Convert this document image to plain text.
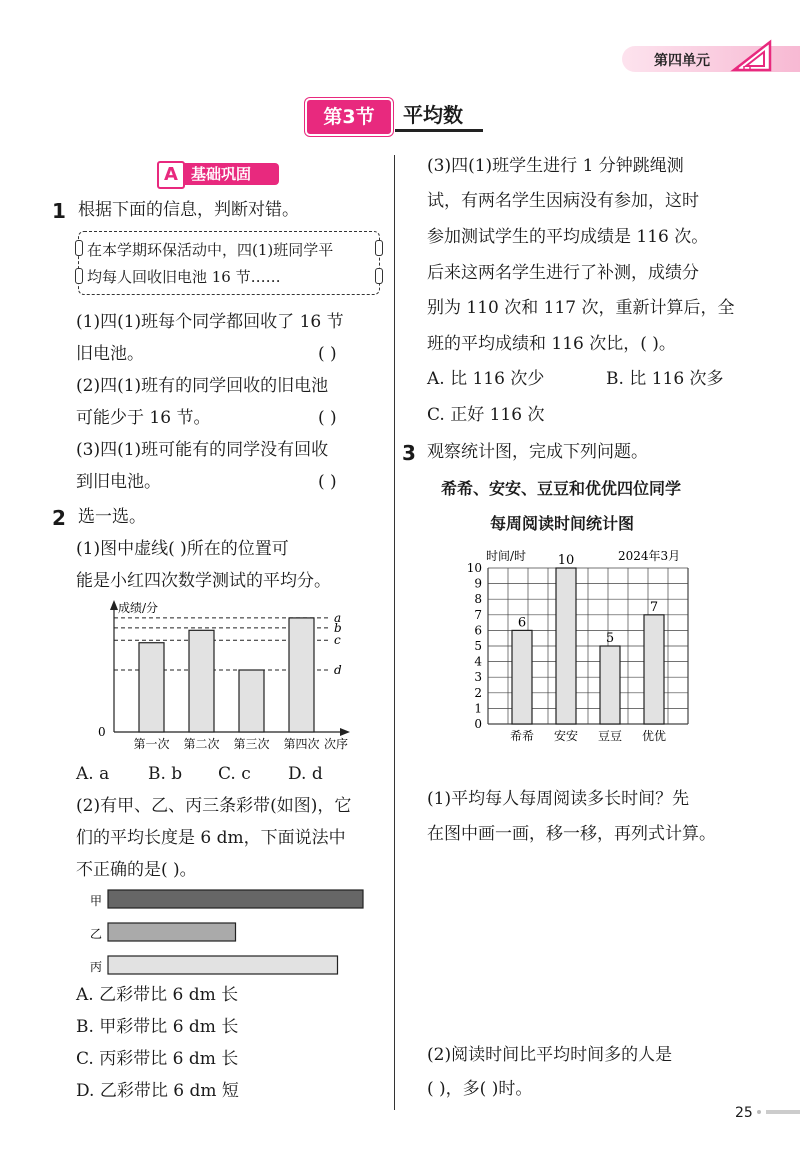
第四单元
第3节	平均数
A 基础巩固
1 根据下面的信息，判断对错。
在本学期环保活动中，四(1)班同学平
均每人回收旧电池 16 节……
(1)四(1)班每个同学都回收了 16 节
旧电池。	( )
(2)四(1)班有的同学回收的旧电池
可能少于 16 节。	( )
(3)四(1)班可能有的同学没有回收
到旧电池。	( )
2 选一选。
(1)图中虚线( )所在的位置可
能是小红四次数学测试的平均分。
成绩/分
0
次序
a
b
c
d
第一次 第二次 第三次 第四次
A. a B. b C. c D. d
(2)有甲、乙、丙三条彩带(如图)，它
们的平均长度是 6 dm，下面说法中
不正确的是( )。
甲
乙
丙
A. 乙彩带比 6 dm 长
B. 甲彩带比 6 dm 长
C. 丙彩带比 6 dm 长
D. 乙彩带比 6 dm 短
(3)四(1)班学生进行 1 分钟跳绳测
试，有两名学生因病没有参加，这时
参加测试学生的平均成绩是 116 次。
后来这两名学生进行了补测，成绩分
别为 110 次和 117 次，重新计算后，全
班的平均成绩和 116 次比，( )。
A. 比 116 次少	B. 比 116 次多
C. 正好 116 次
3 观察统计图，完成下列问题。
希希、安安、豆豆和优优四位同学
每周阅读时间统计图
0
1
2
3
4
5
6
7
8
9
10
6
希希
10
安安
5
豆豆
7
优优
时间/时	2024年3月
(1)平均每人每周阅读多长时间？先
在图中画一画，移一移，再列式计算。
(2)阅读时间比平均时间多的人是
( )，多( )时。
25
